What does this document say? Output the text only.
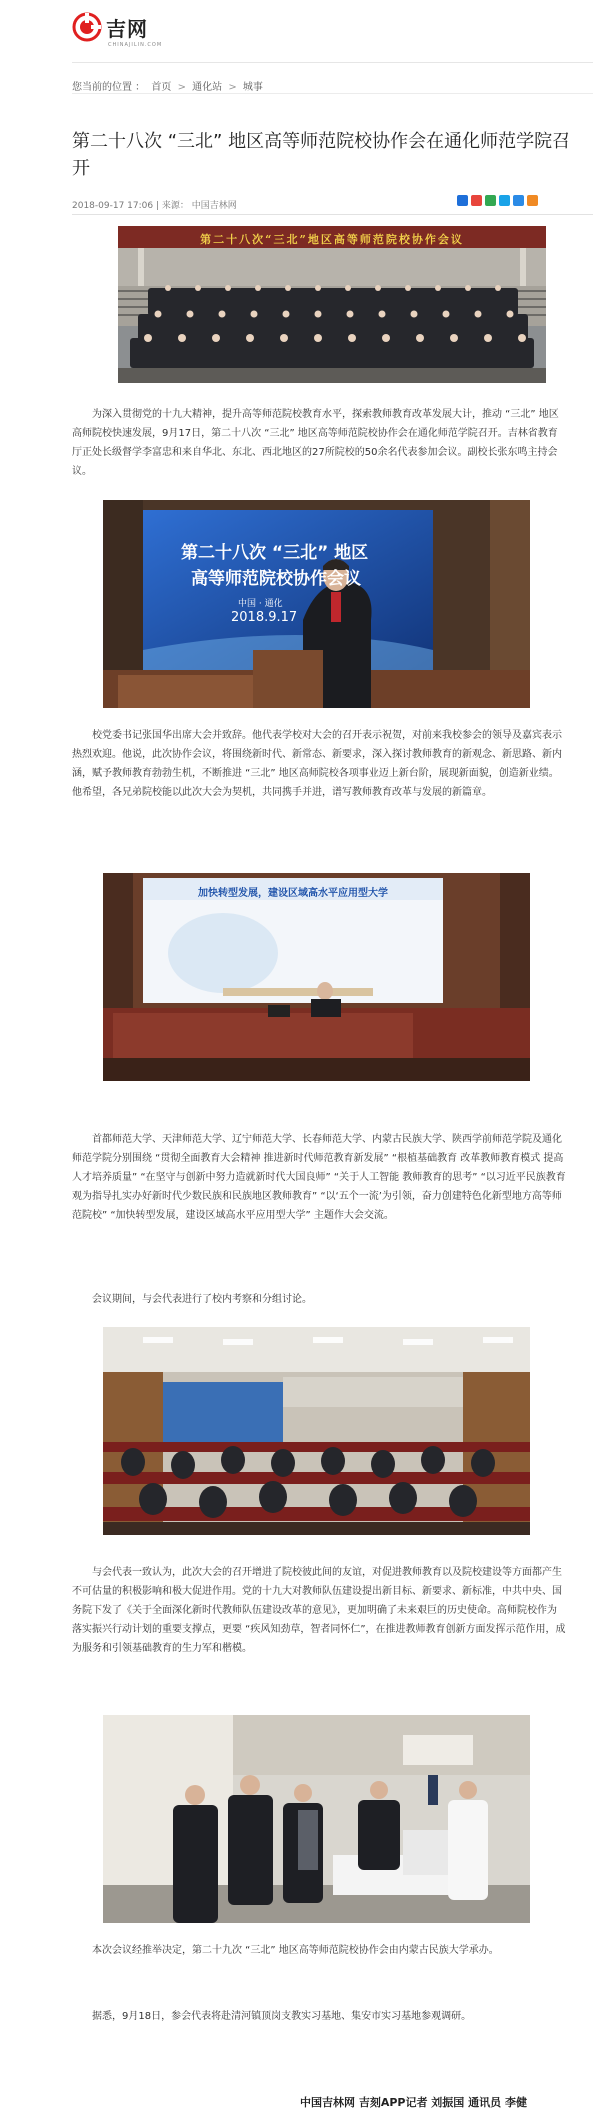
吉网
CHINAJILIN.COM
您当前的位置 ： 首页 > 通化站 > 城事
第二十八次 “三北” 地区高等师范院校协作会在通化师范学院召开
2018-09-17 17:06 | 来源： 中国吉林网
第二十八次“三北”地区高等师范院校协作会议

为深入贯彻党的十九大精神，提升高等师范院校教育水平，探索教师教育改革发展大计，推动 “三北” 地区高师院校快速发展，9月17日，第二十八次 “三北” 地区高等师范院校协作会在通化师范学院召开。吉林省教育厅正处长级督学李富忠和来自华北、东北、西北地区的27所院校的50余名代表参加会议。副校长张东鸣主持会议。

第二十八次 “三北” 地区
高等师范院校协作会议
中国 · 通化
2018.9.17

校党委书记张国华出席大会并致辞。他代表学校对大会的召开表示祝贺，对前来我校参会的领导及嘉宾表示热烈欢迎。他说，此次协作会议，将围绕新时代、新常态、新要求，深入探讨教师教育的新观念、新思路、新内涵，赋予教师教育勃勃生机，不断推进 “三北” 地区高师院校各项事业迈上新台阶，展现新面貌，创造新业绩。他希望，各兄弟院校能以此次大会为契机，共同携手并进，谱写教师教育改革与发展的新篇章。

加快转型发展，建设区域高水平应用型大学

首都师范大学、天津师范大学、辽宁师范大学、长春师范大学、内蒙古民族大学、陕西学前师范学院及通化师范学院分别围绕 “贯彻全面教育大会精神 推进新时代师范教育新发展” “根植基础教育 改革教师教育模式 提高人才培养质量” “在坚守与创新中努力造就新时代大国良师” “关于人工智能 教师教育的思考” “以习近平民族教育观为指导扎实办好新时代少数民族和民族地区教师教育” “以‘五个一流’为引领，奋力创建特色化新型地方高等师范院校” “加快转型发展，建设区域高水平应用型大学” 主题作大会交流。

会议期间，与会代表进行了校内考察和分组讨论。

与会代表一致认为，此次大会的召开增进了院校彼此间的友谊，对促进教师教育以及院校建设等方面都产生不可估量的积极影响和极大促进作用。党的十九大对教师队伍建设提出新目标、新要求、新标准，中共中央、国务院下发了《关于全面深化新时代教师队伍建设改革的意见》，更加明确了未来艰巨的历史使命。高师院校作为落实振兴行动计划的重要支撑点，更要 “疾风知劲草，智者同怀仁”，在推进教师教育创新方面发挥示范作用，成为服务和引领基础教育的生力军和楷模。

本次会议经推举决定，第二十九次 “三北” 地区高等师范院校协作会由内蒙古民族大学承办。

据悉，9月18日，参会代表将赴清河镇顶岗支教实习基地、集安市实习基地参观调研。

中国吉林网 吉刻APP记者 刘振国 通讯员 李健
